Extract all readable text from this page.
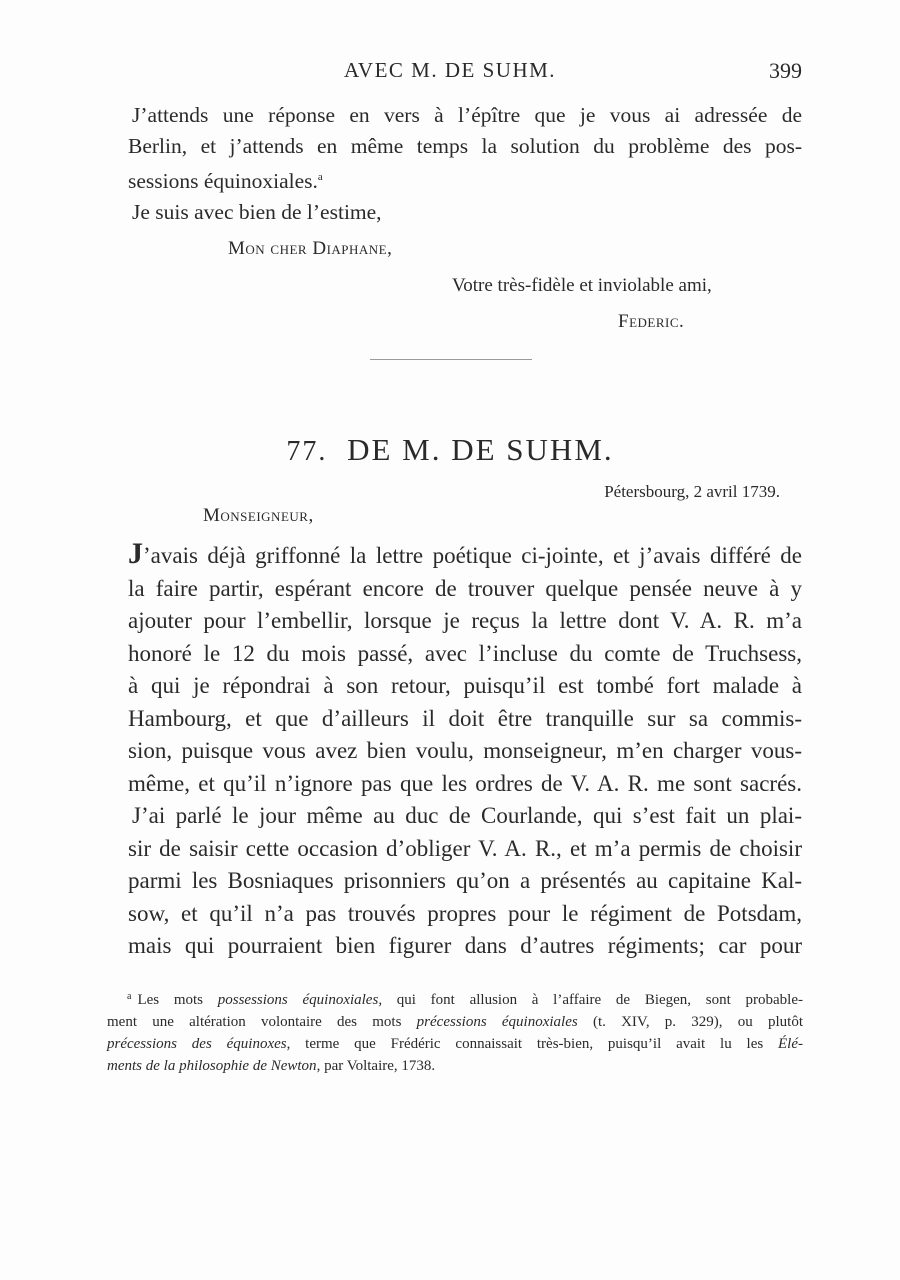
AVEC M. DE SUHM.	399
J’attends une réponse en vers à l’épître que je vous ai adressée de
Berlin, et j’attends en même temps la solution du problème des pos-
sessions équinoxiales.$^a$
Je suis avec bien de l’estime,
Mon cher Diaphane,
Votre très-fidèle et inviolable ami,
Federic.
77. DE M. DE SUHM.
Pétersbourg, 2 avril 1739.
Monseigneur,
J’avais déjà griffonné la lettre poétique ci-jointe, et j’avais différé de
la faire partir, espérant encore de trouver quelque pensée neuve à y
ajouter pour l’embellir, lorsque je reçus la lettre dont V. A. R. m’a
honoré le 12 du mois passé, avec l’incluse du comte de Truchsess,
à qui je répondrai à son retour, puisqu’il est tombé fort malade à
Hambourg, et que d’ailleurs il doit être tranquille sur sa commis-
sion, puisque vous avez bien voulu, monseigneur, m’en charger vous-
même, et qu’il n’ignore pas que les ordres de V. A. R. me sont sacrés.
J’ai parlé le jour même au duc de Courlande, qui s’est fait un plai-
sir de saisir cette occasion d’obliger V. A. R., et m’a permis de choisir
parmi les Bosniaques prisonniers qu’on a présentés au capitaine Kal-
sow, et qu’il n’a pas trouvés propres pour le régiment de Potsdam,
mais qui pourraient bien figurer dans d’autres régiments; car pour
$^a$ Les mots possessions équinoxiales, qui font allusion à l’affaire de Biegen, sont probable-
ment une altération volontaire des mots précessions équinoxiales (t. XIV, p. 329), ou plutôt
précessions des équinoxes, terme que Frédéric connaissait très-bien, puisqu’il avait lu les Élé-
ments de la philosophie de Newton, par Voltaire, 1738.
